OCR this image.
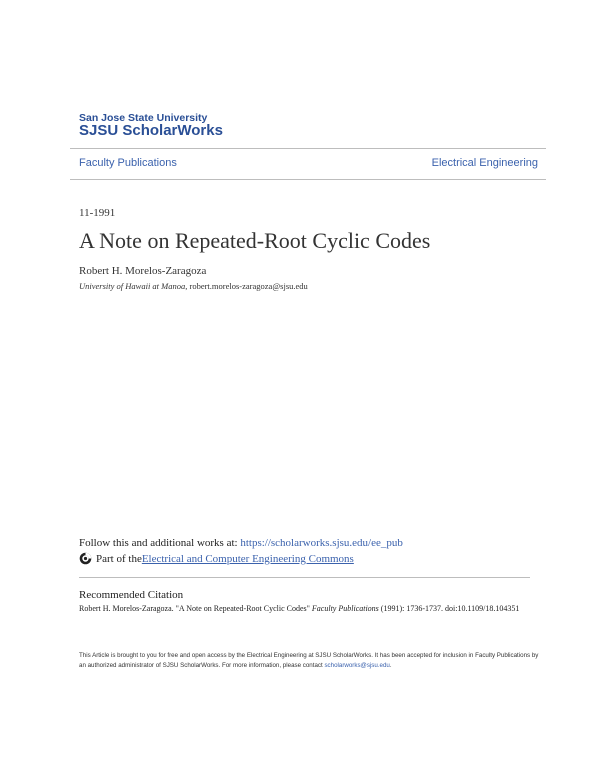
San Jose State University
SJSU ScholarWorks
Faculty Publications	Electrical Engineering
11-1991
A Note on Repeated-Root Cyclic Codes
Robert H. Morelos-Zaragoza
University of Hawaii at Manoa, robert.morelos-zaragoza@sjsu.edu
Follow this and additional works at: https://scholarworks.sjsu.edu/ee_pub
Part of the Electrical and Computer Engineering Commons
Recommended Citation
Robert H. Morelos-Zaragoza. "A Note on Repeated-Root Cyclic Codes" Faculty Publications (1991): 1736-1737. doi:10.1109/18.104351
This Article is brought to you for free and open access by the Electrical Engineering at SJSU ScholarWorks. It has been accepted for inclusion in Faculty Publications by an authorized administrator of SJSU ScholarWorks. For more information, please contact scholarworks@sjsu.edu.
